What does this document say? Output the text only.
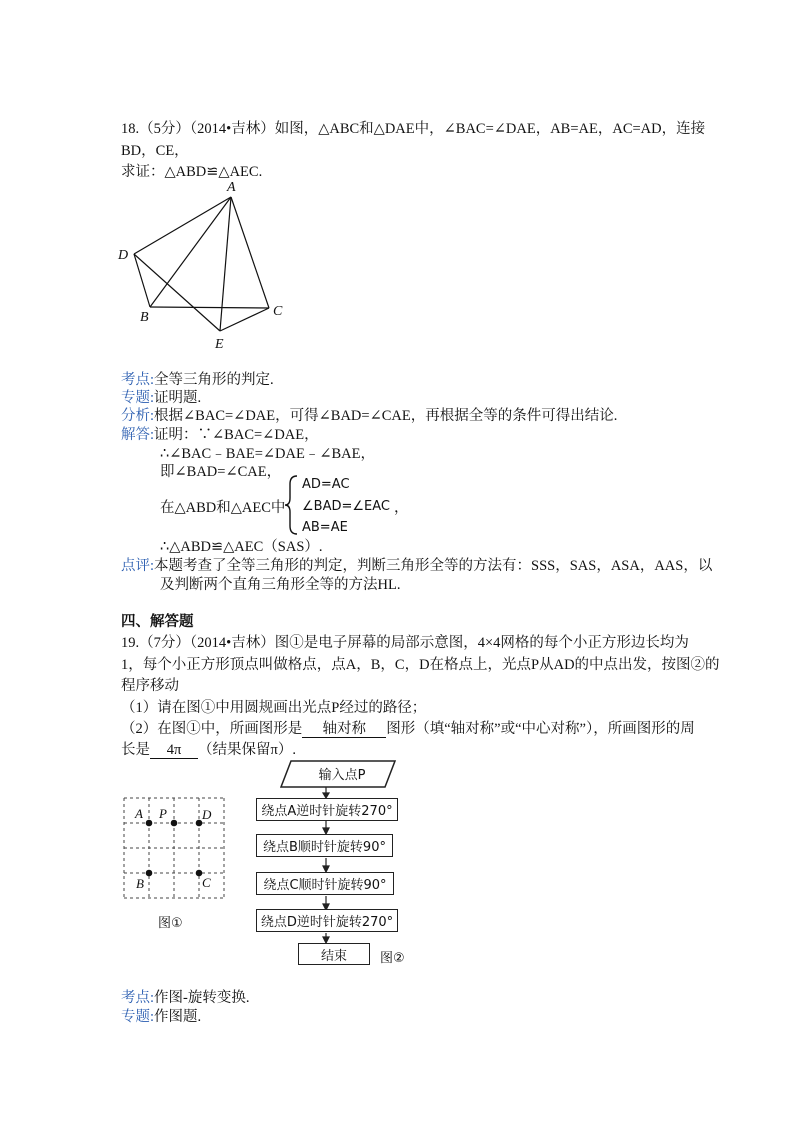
18.（5分）（2014•吉林）如图，△ABC和△DAE中，∠BAC=∠DAE，AB=AE，AC=AD，连接
BD，CE，
求证：△ABD≌△AEC.
A
D
B	C
E
考点:全等三角形的判定.
专题:证明题.
分析:根据∠BAC=∠DAE，可得∠BAD=∠CAE，再根据全等的条件可得出结论.
解答:证明：∵∠BAC=∠DAE，
∴∠BAC﹣BAE=∠DAE﹣∠BAE，
即∠BAD=∠CAE，
在△ABD和△AEC中
AD=AC
∠BAD=∠EAC
AB=AE
，
∴△ABD≌△AEC（SAS）.
点评:本题考查了全等三角形的判定，判断三角形全等的方法有：SSS，SAS，ASA，AAS，以
及判断两个直角三角形全等的方法HL.
四、解答题
19.（7分）（2014•吉林）图①是电子屏幕的局部示意图，4×4网格的每个小正方形边长均为
1，每个小正方形顶点叫做格点，点A，B，C，D在格点上，光点P从AD的中点出发，按图②的
程序移动
（1）请在图①中用圆规画出光点P经过的路径；
（2）在图①中，所画图形是 轴对称 图形（填“轴对称”或“中心对称”），所画图形的周
长是 4π （结果保留π）.
A P	D
B	C
图①
输入点P
绕点A逆时针旋转270°
绕点B顺时针旋转90°
绕点C顺时针旋转90°
绕点D逆时针旋转270°
结束	图②
考点:作图-旋转变换.
专题:作图题.
